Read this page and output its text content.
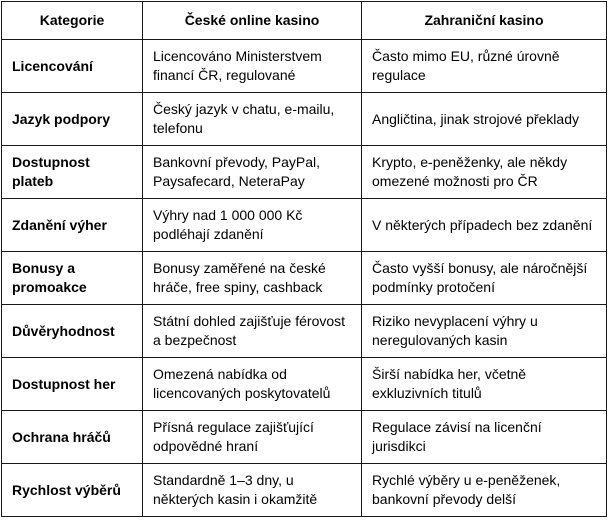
Kategorie	České online kasino	Zahraniční kasino
Licencování	Licencováno Ministerstvem financí ČR, regulované	Často mimo EU, různé úrovně regulace
Jazyk podpory	Český jazyk v chatu, e-mailu, telefonu	Angličtina, jinak strojové překlady
Dostupnost plateb	Bankovní převody, PayPal, Paysafecard, NeteraPay	Krypto, e-peněženky, ale někdy omezené možnosti pro ČR
Zdanění výher	Výhry nad 1 000 000 Kč podléhají zdanění	V některých případech bez zdanění
Bonusy a promoakce	Bonusy zaměřené na české hráče, free spiny, cashback	Často vyšší bonusy, ale náročnější podmínky protočení
Důvěryhodnost	Státní dohled zajišťuje férovost a bezpečnost	Riziko nevyplacení výhry u neregulovaných kasin
Dostupnost her	Omezená nabídka od licencovaných poskytovatelů	Širší nabídka her, včetně exkluzivních titulů
Ochrana hráčů	Přísná regulace zajišťující odpovědné hraní	Regulace závisí na licenční jurisdikci
Rychlost výběrů	Standardně 1–3 dny, u některých kasin i okamžitě	Rychlé výběry u e-peněženek, bankovní převody delší
